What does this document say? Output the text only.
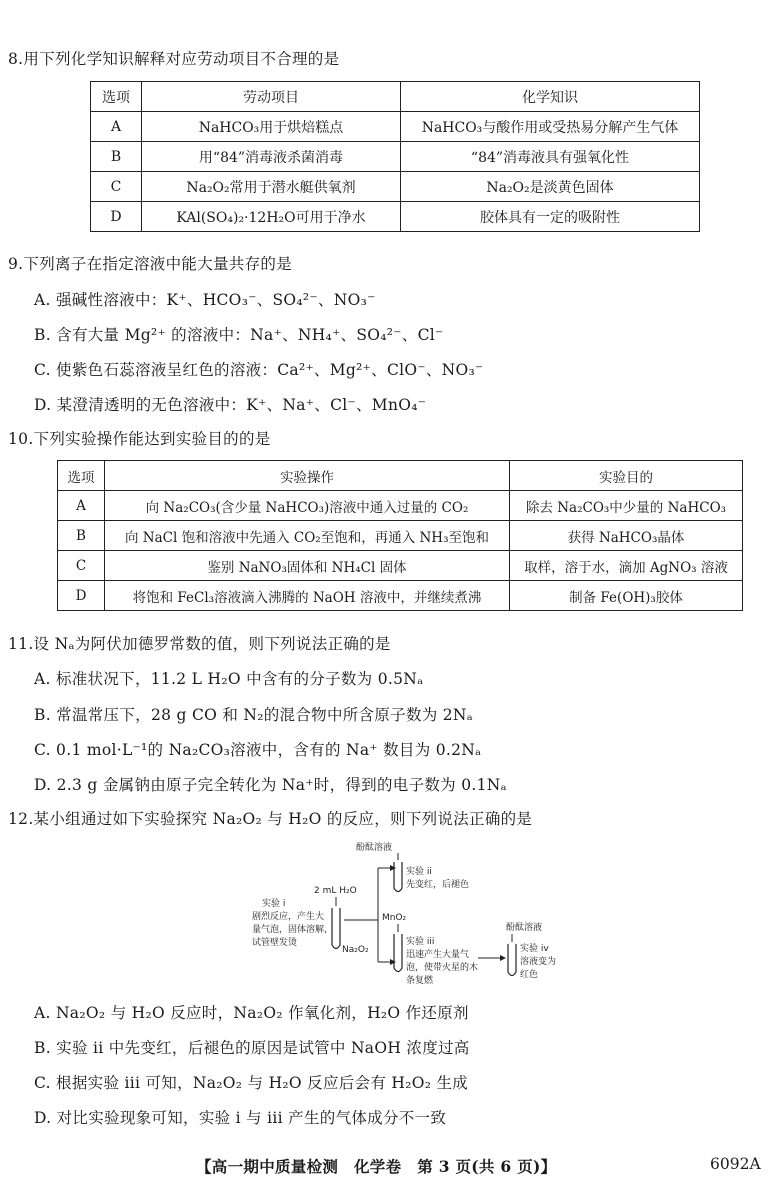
8.用下列化学知识解释对应劳动项目不合理的是
选项	劳动项目	化学知识
A	NaHCO₃用于烘焙糕点	NaHCO₃与酸作用或受热易分解产生气体
B	用“84”消毒液杀菌消毒	“84”消毒液具有强氧化性
C	Na₂O₂常用于潜水艇供氧剂	Na₂O₂是淡黄色固体
D	KAl(SO₄)₂·12H₂O可用于净水	胶体具有一定的吸附性
9.下列离子在指定溶液中能大量共存的是
A. 强碱性溶液中：K⁺、HCO₃⁻、SO₄²⁻、NO₃⁻
B. 含有大量 Mg²⁺ 的溶液中：Na⁺、NH₄⁺、SO₄²⁻、Cl⁻
C. 使紫色石蕊溶液呈红色的溶液：Ca²⁺、Mg²⁺、ClO⁻、NO₃⁻
D. 某澄清透明的无色溶液中：K⁺、Na⁺、Cl⁻、MnO₄⁻
10.下列实验操作能达到实验目的的是
选项	实验操作	实验目的
A	向 Na₂CO₃(含少量 NaHCO₃)溶液中通入过量的 CO₂	除去 Na₂CO₃中少量的 NaHCO₃
B	向 NaCl 饱和溶液中先通入 CO₂至饱和，再通入 NH₃至饱和	获得 NaHCO₃晶体
C	鉴别 NaNO₃固体和 NH₄Cl 固体	取样，溶于水，滴加 AgNO₃ 溶液
D	将饱和 FeCl₃溶液滴入沸腾的 NaOH 溶液中，并继续煮沸	制备 Fe(OH)₃胶体
11.设 Nₐ为阿伏加德罗常数的值，则下列说法正确的是
A. 标准状况下，11.2 L H₂O 中含有的分子数为 0.5Nₐ
B. 常温常压下，28 g CO 和 N₂的混合物中所含原子数为 2Nₐ
C. 0.1 mol·L⁻¹的 Na₂CO₃溶液中，含有的 Na⁺ 数目为 0.2Nₐ
D. 2.3 g 金属钠由原子完全转化为 Na⁺时，得到的电子数为 0.1Nₐ
12.某小组通过如下实验探究 Na₂O₂ 与 H₂O 的反应，则下列说法正确的是
实验 i
剧烈反应，产生大
量气泡，固体溶解，
试管壁发烫
2 mL H₂O
Na₂O₂
酚酞溶液
实验 ii
先变红，后褪色
MnO₂
实验 iii
迅速产生大量气
泡，使带火星的木
条复燃
酚酞溶液
实验 iv
溶液变为
红色
A. Na₂O₂ 与 H₂O 反应时，Na₂O₂ 作氧化剂，H₂O 作还原剂
B. 实验 ii 中先变红，后褪色的原因是试管中 NaOH 浓度过高
C. 根据实验 iii 可知，Na₂O₂ 与 H₂O 反应后会有 H₂O₂ 生成
D. 对比实验现象可知，实验 i 与 iii 产生的气体成分不一致
【高一期中质量检测　化学卷　第 3 页(共 6 页)】	6092A
